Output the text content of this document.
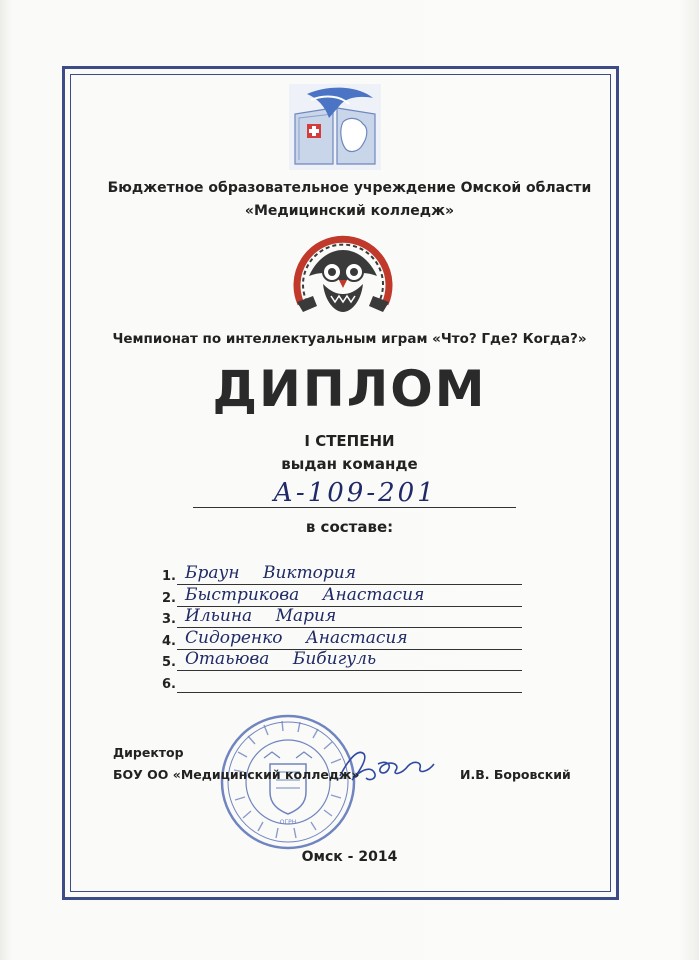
Бюджетное образовательное учреждение Омской области
«Медицинский колледж»
Чемпионат по интеллектуальным играм «Что? Где? Когда?»
ДИПЛОМ
I СТЕПЕНИ
выдан команде
А-109-201
в составе:
1. Браун Виктория
2. Быстрикова Анастасия
3. Ильина Мария
4. Сидоренко Анастасия
5. Отаьюва Бибигуль
6.
ОГРН
Директор
БОУ ОО «Медицинский колледж»	И.В. Боровский
Омск - 2014
